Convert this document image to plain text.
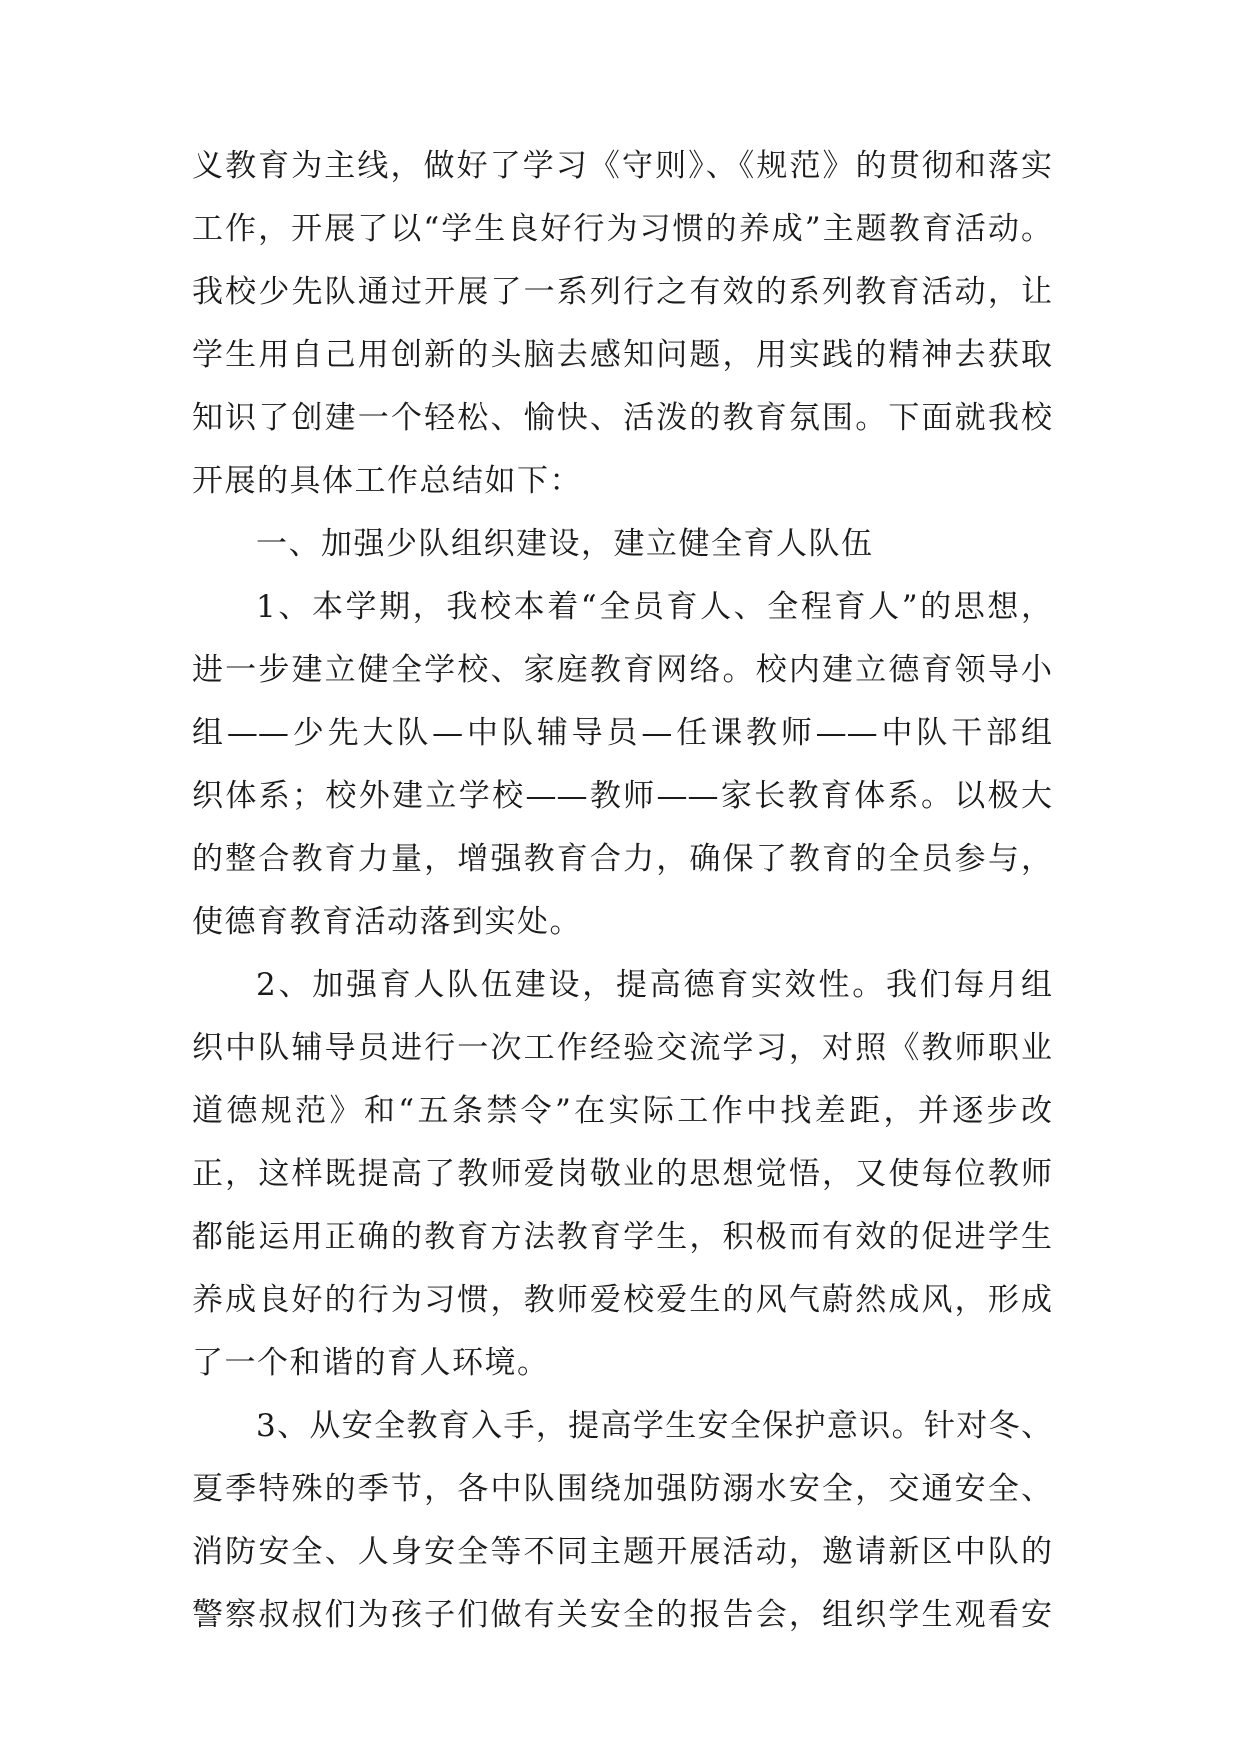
义教育为主线，做好了学习《守则》、《规范》的贯彻和落实
工作，开展了以“学生良好行为习惯的养成”主题教育活动。
我校少先队通过开展了一系列行之有效的系列教育活动，让
学生用自己用创新的头脑去感知问题，用实践的精神去获取
知识了创建一个轻松、愉快、活泼的教育氛围。下面就我校
开展的具体工作总结如下：
一、加强少队组织建设，建立健全育人队伍
1、本学期，我校本着“全员育人、全程育人”的思想，
进一步建立健全学校、家庭教育网络。校内建立德育领导小
组——少先大队—中队辅导员—任课教师——中队干部组
织体系；校外建立学校——教师——家长教育体系。以极大
的整合教育力量，增强教育合力，确保了教育的全员参与，
使德育教育活动落到实处。
2、加强育人队伍建设，提高德育实效性。我们每月组
织中队辅导员进行一次工作经验交流学习，对照《教师职业
道德规范》和“五条禁令”在实际工作中找差距，并逐步改
正，这样既提高了教师爱岗敬业的思想觉悟，又使每位教师
都能运用正确的教育方法教育学生，积极而有效的促进学生
养成良好的行为习惯，教师爱校爱生的风气蔚然成风，形成
了一个和谐的育人环境。
3、从安全教育入手，提高学生安全保护意识。针对冬、
夏季特殊的季节，各中队围绕加强防溺水安全，交通安全、
消防安全、人身安全等不同主题开展活动，邀请新区中队的
警察叔叔们为孩子们做有关安全的报告会，组织学生观看安
